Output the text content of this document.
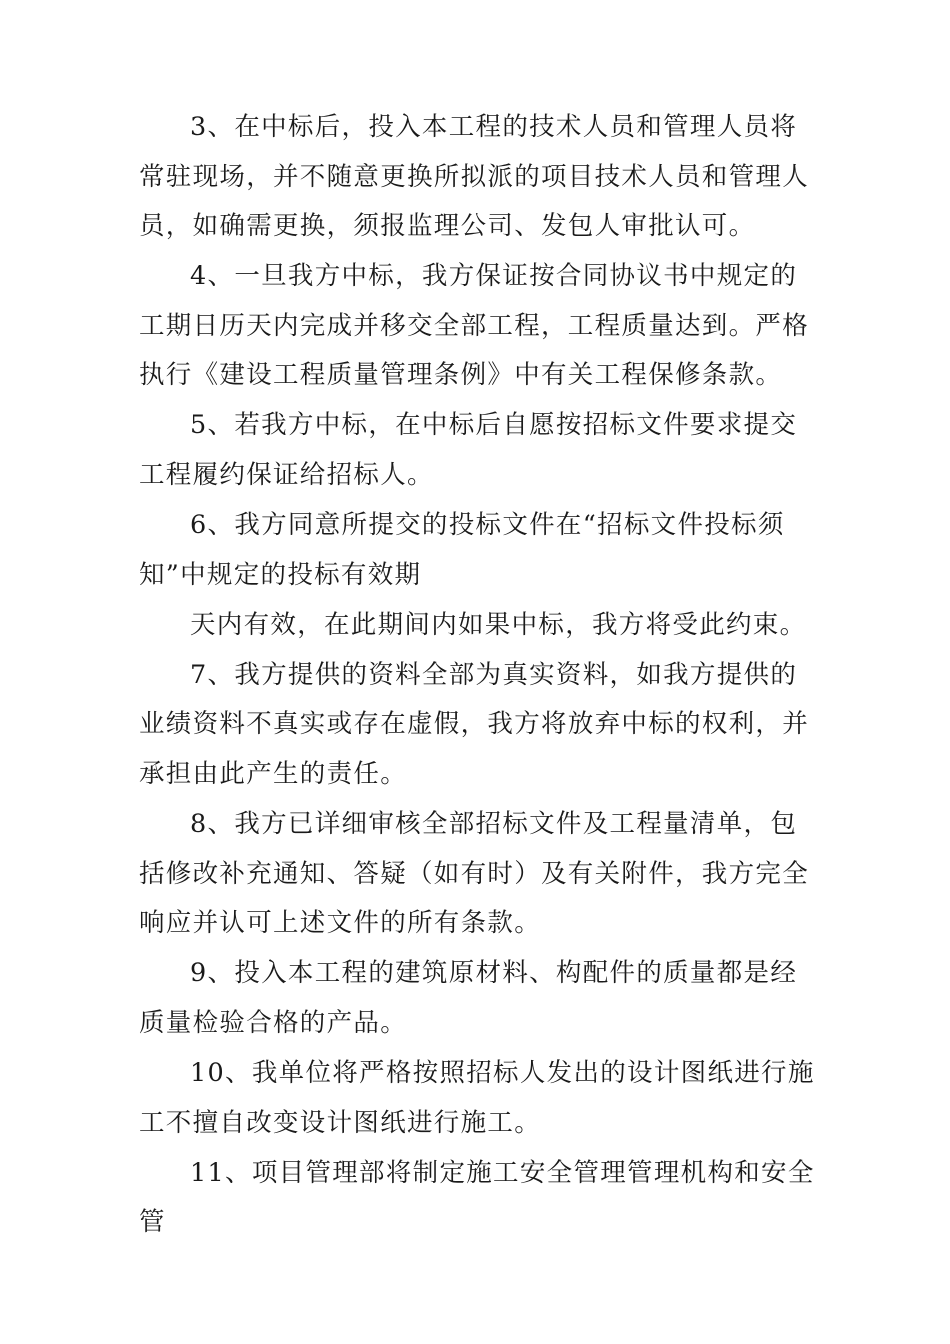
3、在中标后，投入本工程的技术人员和管理人员将常驻现场，并不随意更换所拟派的项目技术人员和管理人员，如确需更换，须报监理公司、发包人审批认可。

4、一旦我方中标，我方保证按合同协议书中规定的工期日历天内完成并移交全部工程，工程质量达到。严格执行《建设工程质量管理条例》中有关工程保修条款。

5、若我方中标，在中标后自愿按招标文件要求提交工程履约保证给招标人。

6、我方同意所提交的投标文件在“招标文件投标须知”中规定的投标有效期

天内有效，在此期间内如果中标，我方将受此约束。

7、我方提供的资料全部为真实资料，如我方提供的业绩资料不真实或存在虚假，我方将放弃中标的权利，并承担由此产生的责任。

8、我方已详细审核全部招标文件及工程量清单，包括修改补充通知、答疑（如有时）及有关附件，我方完全响应并认可上述文件的所有条款。

9、投入本工程的建筑原材料、构配件的质量都是经质量检验合格的产品。

10、我单位将严格按照招标人发出的设计图纸进行施工不擅自改变设计图纸进行施工。

11、项目管理部将制定施工安全管理管理机构和安全管
